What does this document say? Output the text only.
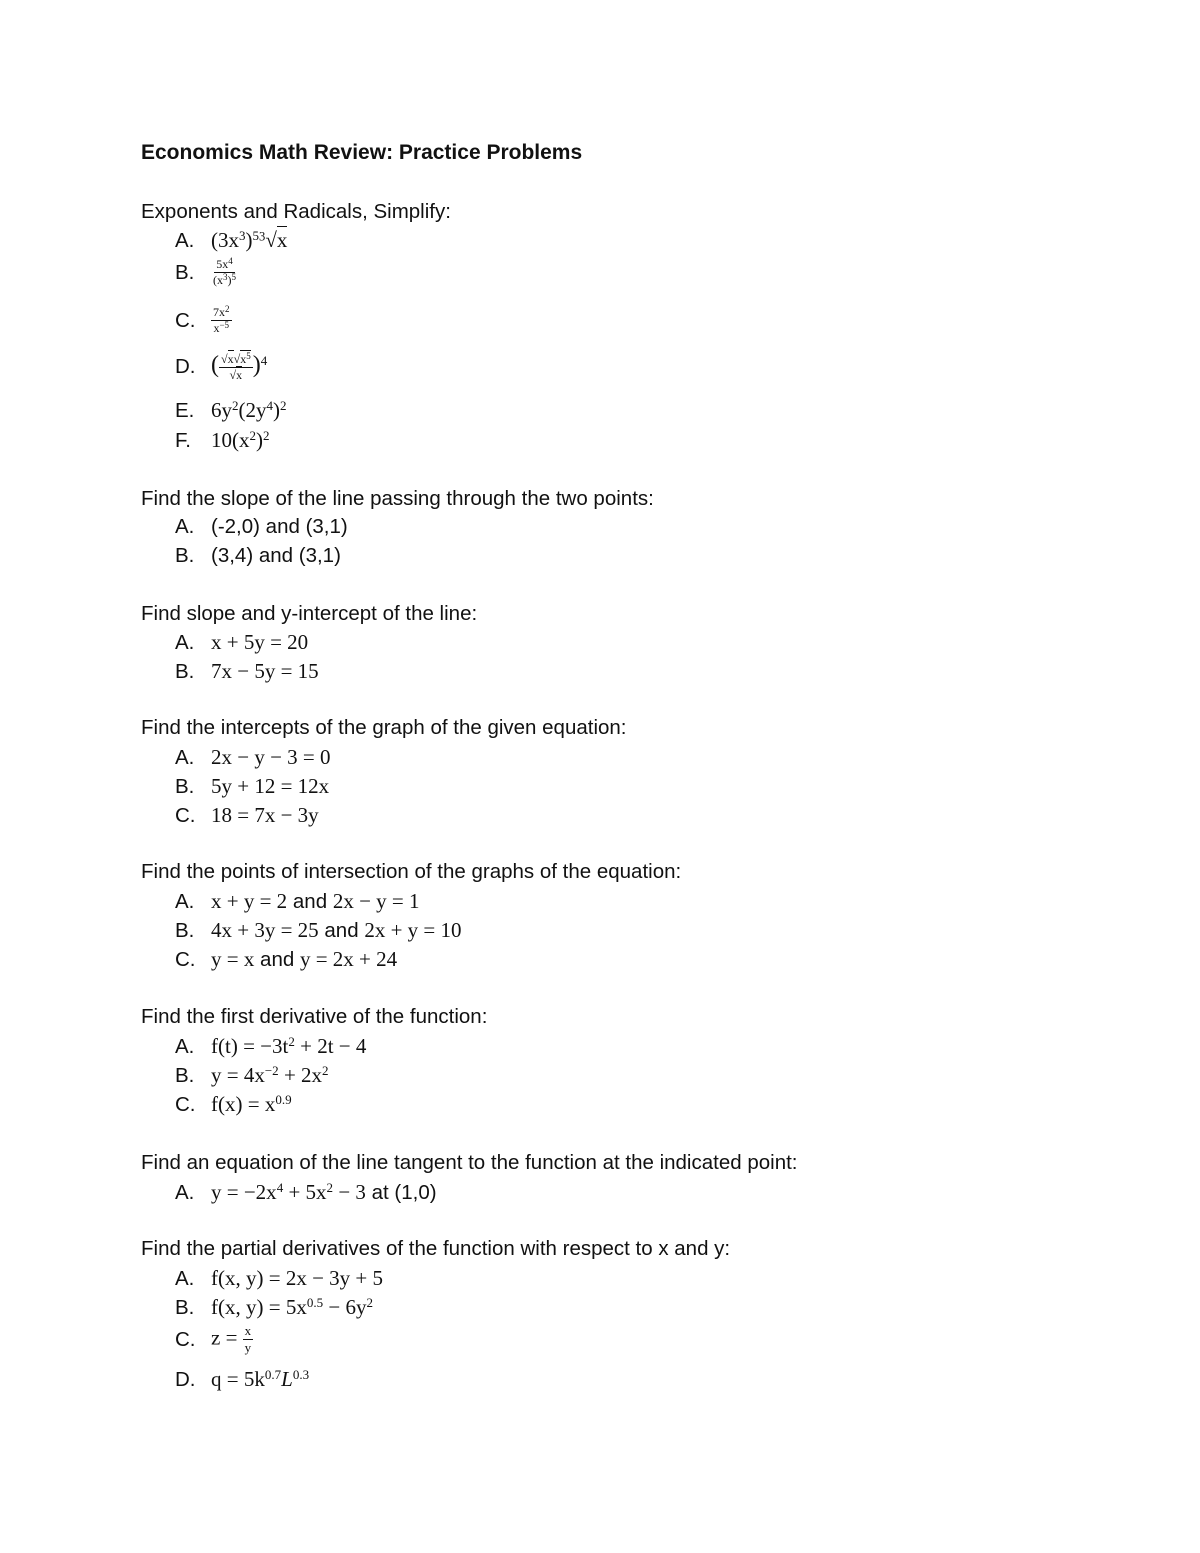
Economics Math Review: Practice Problems
Exponents and Radicals, Simplify:
A. $(3x^3)^{53}√x$
B.	$\frac{5x^4}{(x^3)^5}$
C.	$\frac{7x^2}{x^{-5}}$
D. ( $\frac{√x√x^5}{√x} )^4$
E. $6y^2(2y^4)^2$
F. $10(x^2)^2$
Find the slope of the line passing through the two points:
A. (-2,0) and (3,1)
B. (3,4) and (3,1)
Find slope and y-intercept of the line:
A. x + 5y = 20
B. 7x − 5y = 15
Find the intercepts of the graph of the given equation:
A. 2x − y − 3 = 0
B. 5y + 12 = 12x
C. 18 = 7x − 3y
Find the points of intersection of the graphs of the equation:
A. x + y = 2
and
2x − y = 1
B. 4x + 3y = 25
and
2x + y = 10
C. y = x
and
y = 2x + 24
Find the first derivative of the function:
A. $f(t) = -3t^2 + 2t - 4$
B. $y = 4x^{-2} + 2x^2$
C. $f(x) = x^{0.9}$
Find an equation of the line tangent to the function at the indicated point:
A. $y = -2x^4 + 5x^2 - 3$
at (1,0)
Find the partial derivatives of the function with respect to x and y:
A. f(x, y) = 2x − 3y + 5
B. f(x, $y) = 5x^{0.5} - 6y^2$
C. $z = \frac{x}{y}$
D. $q = 5k^{0.7}L^{0.3}$
